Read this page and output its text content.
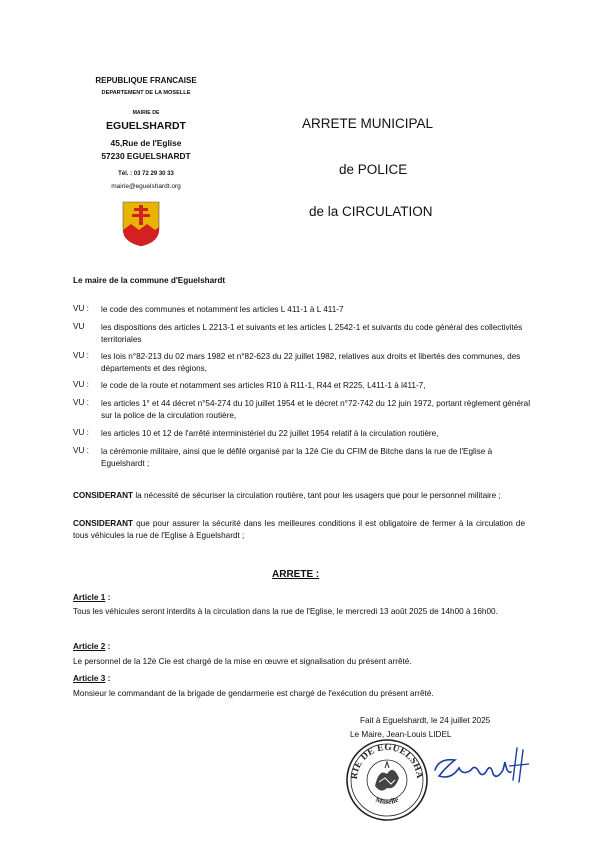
REPUBLIQUE FRANCAISE
DEPARTEMENT DE LA MOSELLE
MAIRIE DE
EGUELSHARDT
45,Rue de l'Eglise
57230 EGUELSHARDT
Tél. : 03 72 29 30 33
mairie@eguelshardt.org
ARRETE MUNICIPAL
de POLICE
de la CIRCULATION
Le maire de la commune d'Eguelshardt
VU : le code des communes et notamment les articles L 411-1 à L 411-7
VU les dispositions des articles L 2213-1 et suivants et les articles L 2542-1 et suivants du code général des collectivités territoriales
VU : les lois n°82-213 du 02 mars 1982 et n°82-623 du 22 juillet 1982, relatives aux droits et libertés des communes, des départements et des régions,
VU : le code de la route et notamment ses articles R10 à R11-1, R44 et R225, L411-1 à l411-7,
VU : les articles 1° et 44 décret n°54-274 du 10 juillet 1954 et le décret n°72-742 du 12 juin 1972, portant règlement général sur la police de la circulation routière,
VU : les articles 10 et 12 de l'arrêté interministériel du 22 juillet 1954 relatif à la circulation routière,
VU : la cérémonie militaire, ainsi que le défilé organisé par la 12è Cie du CFIM de Bitche dans la rue de l'Eglise à Eguelshardt ;
CONSIDERANT la nécessité de sécuriser la circulation routière, tant pour les usagers que pour le personnel militaire ;
CONSIDERANT que pour assurer la sécurité dans les meilleures conditions il est obligatoire de fermer à la circulation de tous véhicules la rue de l'Eglise à Eguelshardt ;
ARRETE :
Article 1 :
Tous les véhicules seront interdits à la circulation dans la rue de l'Eglise, le mercredi 13 août 2025 de 14h00 à 16h00.
Article 2 :
Le personnel de la 12è Cie est chargé de la mise en œuvre et signalisation du présent arrêté.
Article 3 :
Monsieur le commandant de la brigade de gendarmerie est chargé de l'exécution du présent arrêté.
Fait à Eguelshardt, le 24 juillet 2025
Le Maire, Jean-Louis LIDEL
RIE DE EGUELSHA
Moselle
